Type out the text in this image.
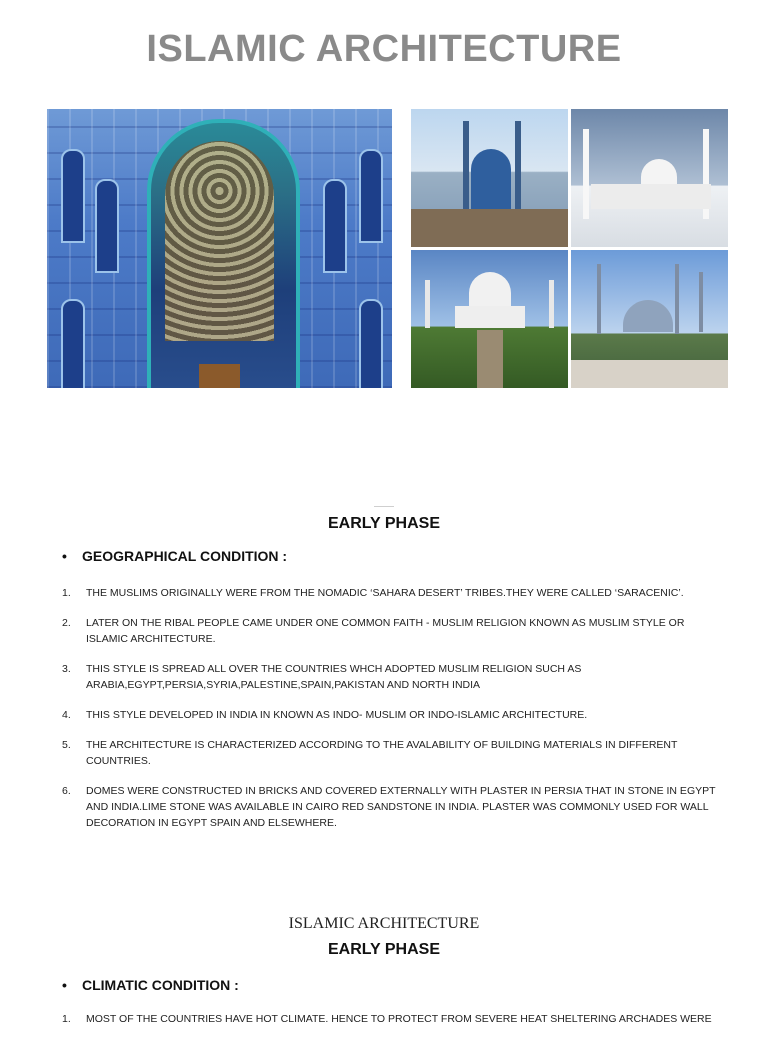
ISLAMIC ARCHITECTURE
EARLY PHASE
• GEOGRAPHICAL CONDITION :
1. THE MUSLIMS ORIGINALLY WERE FROM THE NOMADIC ‘SAHARA DESERT’ TRIBES.THEY WERE CALLED ‘SARACENIC’.
2. LATER ON THE RIBAL PEOPLE CAME UNDER ONE COMMON FAITH - MUSLIM RELIGION KNOWN AS MUSLIM STYLE OR ISLAMIC ARCHITECTURE.
3. THIS STYLE IS SPREAD ALL OVER THE COUNTRIES WHCH ADOPTED MUSLIM RELIGION SUCH AS ARABIA,EGYPT,PERSIA,SYRIA,PALESTINE,SPAIN,PAKISTAN AND NORTH INDIA
4. THIS STYLE DEVELOPED IN INDIA IN KNOWN AS INDO- MUSLIM OR INDO-ISLAMIC ARCHITECTURE.
5. THE ARCHITECTURE IS CHARACTERIZED ACCORDING TO THE AVALABILITY OF BUILDING MATERIALS IN DIFFERENT COUNTRIES.
6. DOMES WERE CONSTRUCTED IN BRICKS AND COVERED EXTERNALLY WITH PLASTER IN PERSIA THAT IN STONE IN EGYPT AND INDIA.LIME STONE WAS AVAILABLE IN CAIRO RED SANDSTONE IN INDIA. PLASTER WAS COMMONLY USED FOR WALL DECORATION IN EGYPT SPAIN AND ELSEWHERE.
ISLAMIC ARCHITECTURE
EARLY PHASE
• CLIMATIC CONDITION :
1. MOST OF THE COUNTRIES HAVE HOT CLIMATE. HENCE TO PROTECT FROM SEVERE HEAT SHELTERING ARCHADES WERE
